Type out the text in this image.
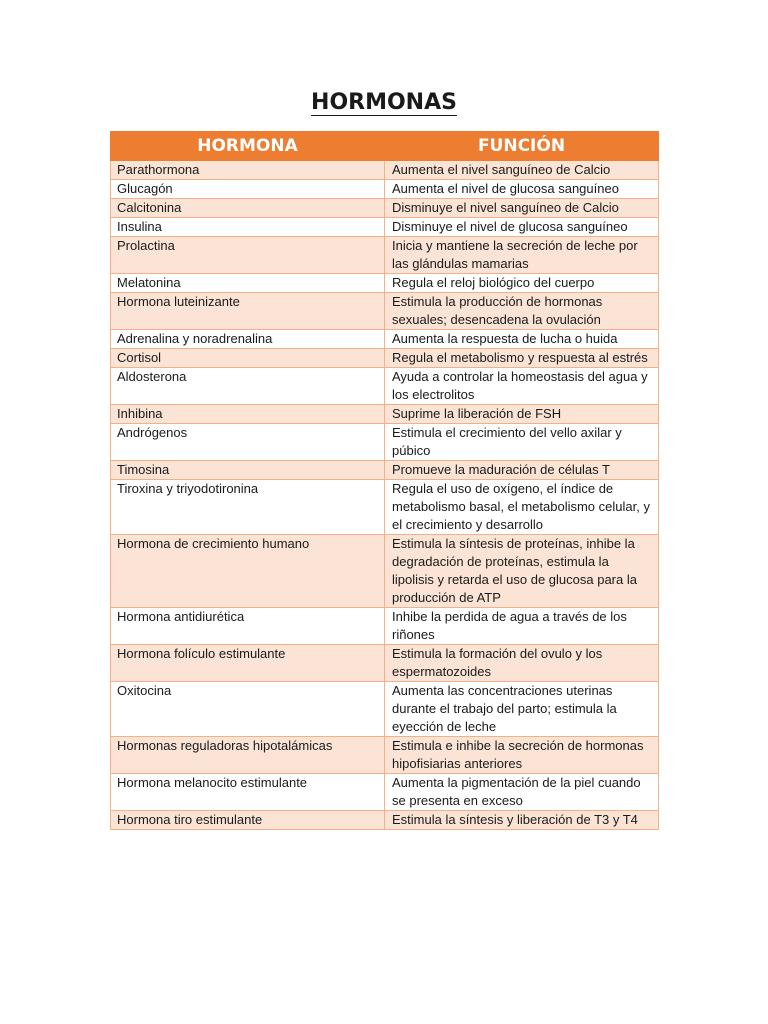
HORMONAS
HORMONA	FUNCIÓN
Parathormona	Aumenta el nivel sanguíneo de Calcio
Glucagón	Aumenta el nivel de glucosa sanguíneo
Calcitonina	Disminuye el nivel sanguíneo de Calcio
Insulina	Disminuye el nivel de glucosa sanguíneo
Prolactina	Inicia y mantiene la secreción de leche por las glándulas mamarias
Melatonina	Regula el reloj biológico del cuerpo
Hormona luteinizante	Estimula la producción de hormonas sexuales; desencadena la ovulación
Adrenalina y noradrenalina	Aumenta la respuesta de lucha o huida
Cortisol	Regula el metabolismo y respuesta al estrés
Aldosterona	Ayuda a controlar la homeostasis del agua y los electrolitos
Inhibina	Suprime la liberación de FSH
Andrógenos	Estimula el crecimiento del vello axilar y púbico
Timosina	Promueve la maduración de células T
Tiroxina y triyodotironina	Regula el uso de oxígeno, el índice de metabolismo basal, el metabolismo celular, y el crecimiento y desarrollo
Hormona de crecimiento humano	Estimula la síntesis de proteínas, inhibe la degradación de proteínas, estimula la lipolisis y retarda el uso de glucosa para la producción de ATP
Hormona antidiurética	Inhibe la perdida de agua a través de los riñones
Hormona folículo estimulante	Estimula la formación del ovulo y los espermatozoides
Oxitocina	Aumenta las concentraciones uterinas durante el trabajo del parto; estimula la eyección de leche
Hormonas reguladoras hipotalámicas	Estimula e inhibe la secreción de hormonas hipofisiarias anteriores
Hormona melanocito estimulante	Aumenta la pigmentación de la piel cuando se presenta en exceso
Hormona tiro estimulante	Estimula la síntesis y liberación de T3 y T4
